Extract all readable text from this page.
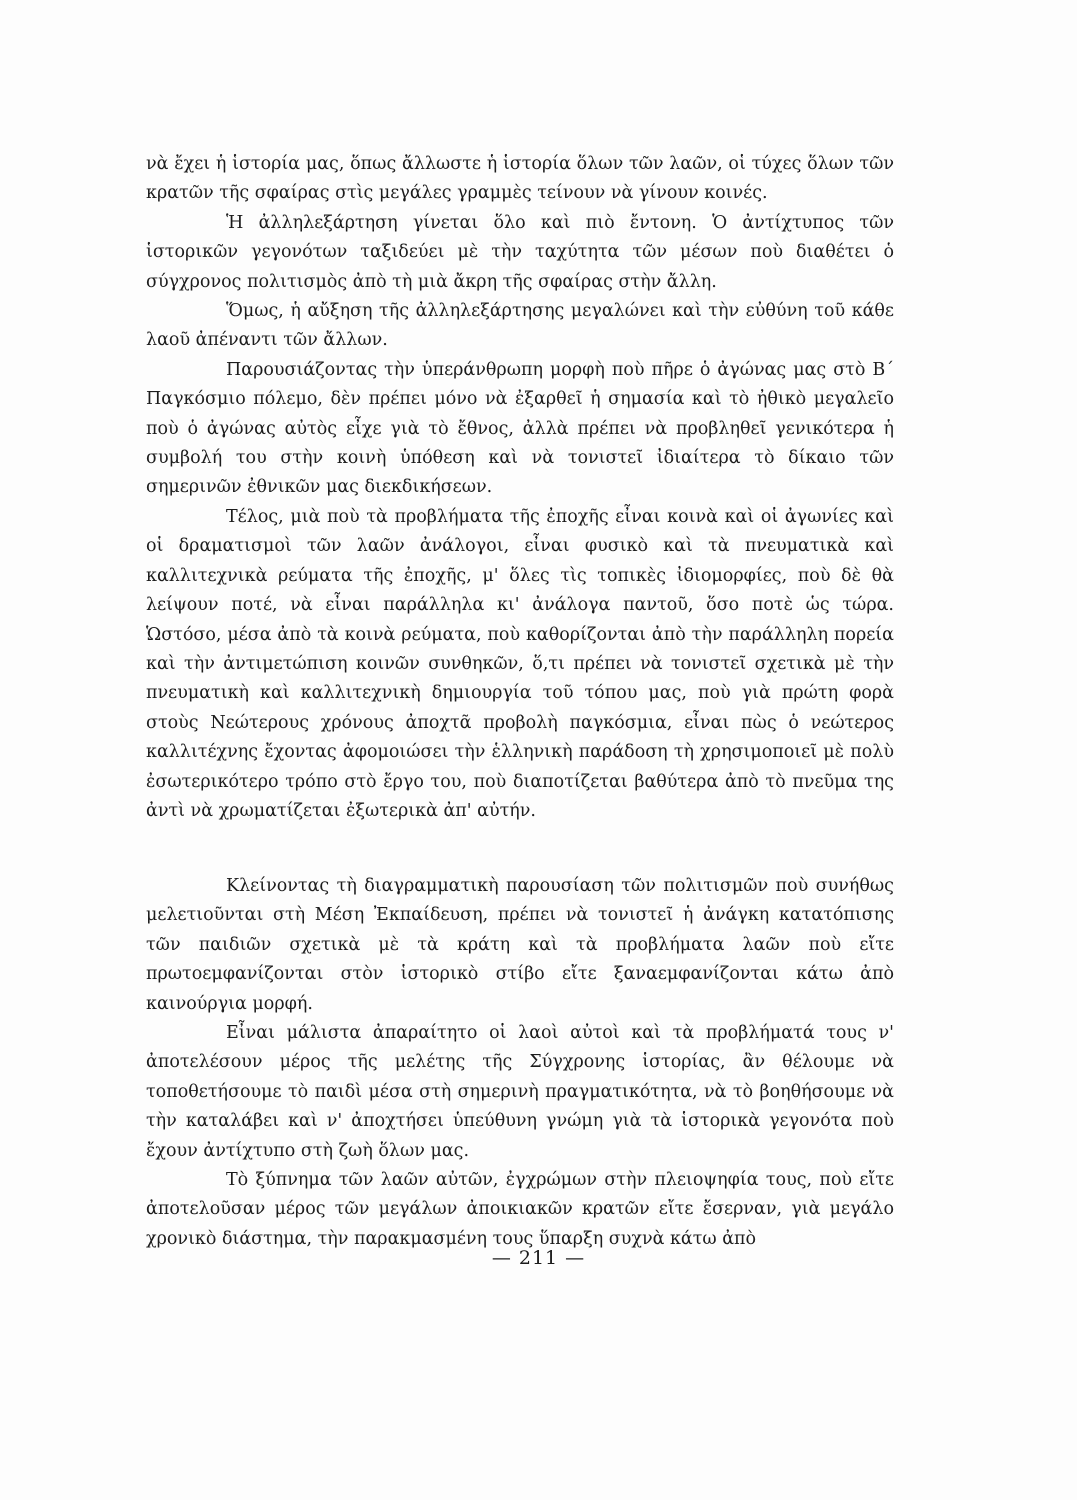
νὰ ἔχει ἡ ἱστορία μας, ὅπως ἄλλωστε ἡ ἱστορία ὅλων τῶν λαῶν, οἱ τύχες ὅλων τῶν κρατῶν τῆς σφαίρας στὶς μεγάλες γραμμὲς τείνουν νὰ γίνουν κοινές.

Ἡ ἀλληλεξάρτηση γίνεται ὅλο καὶ πιὸ ἔντονη. Ὁ ἀντίχτυπος τῶν ἱστορικῶν γεγονότων ταξιδεύει μὲ τὴν ταχύτητα τῶν μέσων ποὺ διαθέτει ὁ σύγχρονος πολιτισμὸς ἀπὸ τὴ μιὰ ἄκρη τῆς σφαίρας στὴν ἄλλη.

Ὅμως, ἡ αὔξηση τῆς ἀλληλεξάρτησης μεγαλώνει καὶ τὴν εὐθύνη τοῦ κάθε λαοῦ ἀπέναντι τῶν ἄλλων.

Παρουσιάζοντας τὴν ὑπεράνθρωπη μορφὴ ποὺ πῆρε ὁ ἀγώνας μας στὸ Β΄ Παγκόσμιο πόλεμο, δὲν πρέπει μόνο νὰ ἐξαρθεῖ ἡ σημασία καὶ τὸ ἠθικὸ μεγαλεῖο ποὺ ὁ ἀγώνας αὐτὸς εἶχε γιὰ τὸ ἔθνος, ἀλλὰ πρέπει νὰ προβληθεῖ γενικότερα ἡ συμβολή του στὴν κοινὴ ὑπόθεση καὶ νὰ τονιστεῖ ἰδιαίτερα τὸ δίκαιο τῶν σημερινῶν ἐθνικῶν μας διεκδικήσεων.

Τέλος, μιὰ ποὺ τὰ προβλήματα τῆς ἐποχῆς εἶναι κοινὰ καὶ οἱ ἀγωνίες καὶ οἱ δραματισμοὶ τῶν λαῶν ἀνάλογοι, εἶναι φυσικὸ καὶ τὰ πνευματικὰ καὶ καλλιτεχνικὰ ρεύματα τῆς ἐποχῆς, μ' ὅλες τὶς τοπικὲς ἰδιομορφίες, ποὺ δὲ θὰ λείψουν ποτέ, νὰ εἶναι παράλληλα κι' ἀνάλογα παντοῦ, ὅσο ποτὲ ὡς τώρα. Ὡστόσο, μέσα ἀπὸ τὰ κοινὰ ρεύματα, ποὺ καθορίζονται ἀπὸ τὴν παράλληλη πορεία καὶ τὴν ἀντιμετώπιση κοινῶν συνθηκῶν, ὅ,τι πρέπει νὰ τονιστεῖ σχετικὰ μὲ τὴν πνευματικὴ καὶ καλλιτεχνικὴ δημιουργία τοῦ τόπου μας, ποὺ γιὰ πρώτη φορὰ στοὺς Νεώτερους χρόνους ἀποχτᾶ προβολὴ παγκόσμια, εἶναι πὼς ὁ νεώτερος καλλιτέχνης ἔχοντας ἀφομοιώσει τὴν ἑλληνικὴ παράδοση τὴ χρησιμοποιεῖ μὲ πολὺ ἐσωτερικότερο τρόπο στὸ ἔργο του, ποὺ διαποτίζεται βαθύτερα ἀπὸ τὸ πνεῦμα της ἀντὶ νὰ χρωματίζεται ἐξωτερικὰ ἀπ' αὐτήν.

Κλείνοντας τὴ διαγραμματικὴ παρουσίαση τῶν πολιτισμῶν ποὺ συνήθως μελετιοῦνται στὴ Μέση Ἐκπαίδευση, πρέπει νὰ τονιστεῖ ἡ ἀνάγκη κατατόπισης τῶν παιδιῶν σχετικὰ μὲ τὰ κράτη καὶ τὰ προβλήματα λαῶν ποὺ εἴτε πρωτοεμφανίζονται στὸν ἱστορικὸ στίβο εἴτε ξαναεμφανίζονται κάτω ἀπὸ καινούργια μορφή.

Εἶναι μάλιστα ἀπαραίτητο οἱ λαοὶ αὐτοὶ καὶ τὰ προβλήματά τους ν' ἀποτελέσουν μέρος τῆς μελέτης τῆς Σύγχρονης ἱστορίας, ἂν θέλουμε νὰ τοποθετήσουμε τὸ παιδὶ μέσα στὴ σημερινὴ πραγματικότητα, νὰ τὸ βοηθήσουμε νὰ τὴν καταλάβει καὶ ν' ἀποχτήσει ὑπεύθυνη γνώμη γιὰ τὰ ἱστορικὰ γεγονότα ποὺ ἔχουν ἀντίχτυπο στὴ ζωὴ ὅλων μας.

Τὸ ξύπνημα τῶν λαῶν αὐτῶν, ἐγχρώμων στὴν πλειοψηφία τους, ποὺ εἴτε ἀποτελοῦσαν μέρος τῶν μεγάλων ἀποικιακῶν κρατῶν εἴτε ἔσερναν, γιὰ μεγάλο χρονικὸ διάστημα, τὴν παρακμασμένη τους ὕπαρξη συχνὰ κάτω ἀπὸ

— 211 —
